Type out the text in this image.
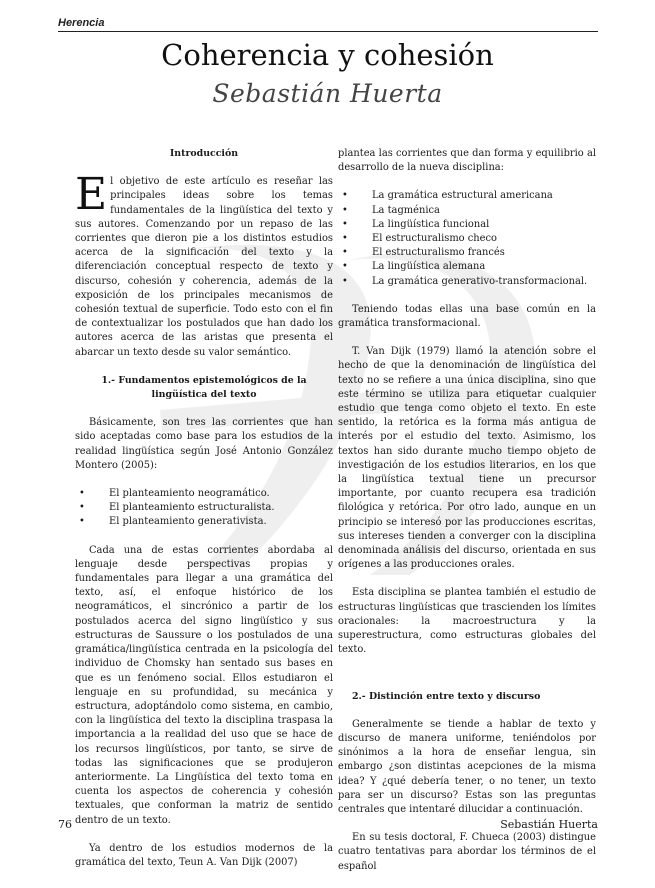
Herencia
Coherencia y cohesión
Sebastián Huerta
Introducción

El objetivo de este artículo es reseñar las principales ideas sobre los temas fundamentales de la lingüística del texto y sus autores. Comenzando por un repaso de las corrientes que dieron pie a los distintos estudios acerca de la significación del texto y la diferenciación conceptual respecto de texto y discurso, cohesión y coherencia, además de la exposición de los principales mecanismos de cohesión textual de superficie. Todo esto con el fin de contextualizar los postulados que han dado los autores acerca de las aristas que presenta el abarcar un texto desde su valor semántico.

1.- Fundamentos epistemológicos de la lingüística del texto

Básicamente, son tres las corrientes que han sido aceptadas como base para los estudios de la realidad lingüística según José Antonio González Montero (2005):

• El planteamiento neogramático.
• El planteamiento estructuralista.
• El planteamiento generativista.

Cada una de estas corrientes abordaba al lenguaje desde perspectivas propias y fundamentales para llegar a una gramática del texto, así, el enfoque histórico de los neogramáticos, el sincrónico a partir de los postulados acerca del signo lingüístico y sus estructuras de Saussure o los postulados de una gramática/lingüística centrada en la psicología del individuo de Chomsky han sentado sus bases en que es un fenómeno social. Ellos estudiaron el lenguaje en su profundidad, su mecánica y estructura, adoptándolo como sistema, en cambio, con la lingüística del texto la disciplina traspasa la importancia a la realidad del uso que se hace de los recursos lingüísticos, por tanto, se sirve de todas las significaciones que se produjeron anteriormente. La Lingüística del texto toma en cuenta los aspectos de coherencia y cohesión textuales, que conforman la matriz de sentido dentro de un texto.

Ya dentro de los estudios modernos de la gramática del texto, Teun A. Van Dijk (2007)

plantea las corrientes que dan forma y equilibrio al desarrollo de la nueva disciplina:

• La gramática estructural americana
• La tagménica
• La lingüística funcional
• El estructuralismo checo
• El estructuralismo francés
• La lingüística alemana
• La gramática generativo-transformacional.

Teniendo todas ellas una base común en la gramática transformacional.

T. Van Dijk (1979) llamó la atención sobre el hecho de que la denominación de lingüística del texto no se refiere a una única disciplina, sino que este término se utiliza para etiquetar cualquier estudio que tenga como objeto el texto. En este sentido, la retórica es la forma más antigua de interés por el estudio del texto. Asimismo, los textos han sido durante mucho tiempo objeto de investigación de los estudios literarios, en los que la lingüística textual tiene un precursor importante, por cuanto recupera esa tradición filológica y retórica. Por otro lado, aunque en un principio se interesó por las producciones escritas, sus intereses tienden a converger con la disciplina denominada análisis del discurso, orientada en sus orígenes a las producciones orales.

Esta disciplina se plantea también el estudio de estructuras lingüísticas que trascienden los límites oracionales: la macroestructura y la superestructura, como estructuras globales del texto.

2.- Distinción entre texto y discurso

Generalmente se tiende a hablar de texto y discurso de manera uniforme, teniéndolos por sinónimos a la hora de enseñar lengua, sin embargo ¿son distintas acepciones de la misma idea? Y ¿qué debería tener, o no tener, un texto para ser un discurso? Estas son las preguntas centrales que intentaré dilucidar a continuación.

En su tesis doctoral, F. Chueca (2003) distingue cuatro tentativas para abordar los términos de el español

76	Sebastián Huerta
